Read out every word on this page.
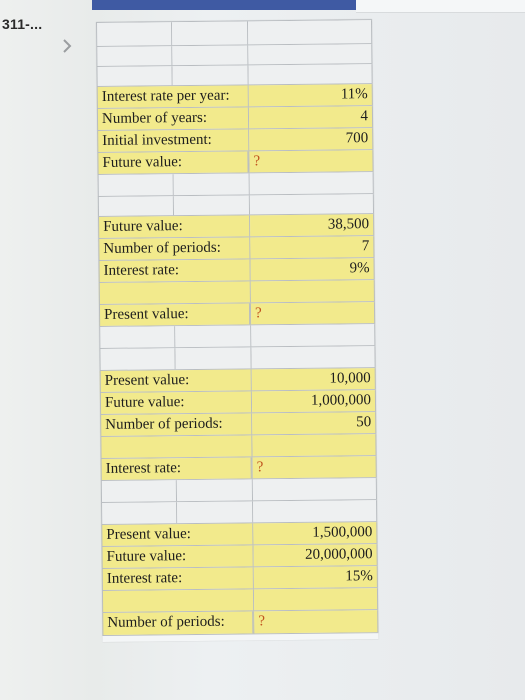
311-...
Interest rate per year:	11%
Number of years:	4
Initial investment:	700
Future value:	?
Future value:	38,500
Number of periods:	7
Interest rate:	9%
Present value:	?
Present value:	10,000
Future value:	1,000,000
Number of periods:	50
Interest rate:	?
Present value:	1,500,000
Future value:	20,000,000
Interest rate:	15%
Number of periods:	?
